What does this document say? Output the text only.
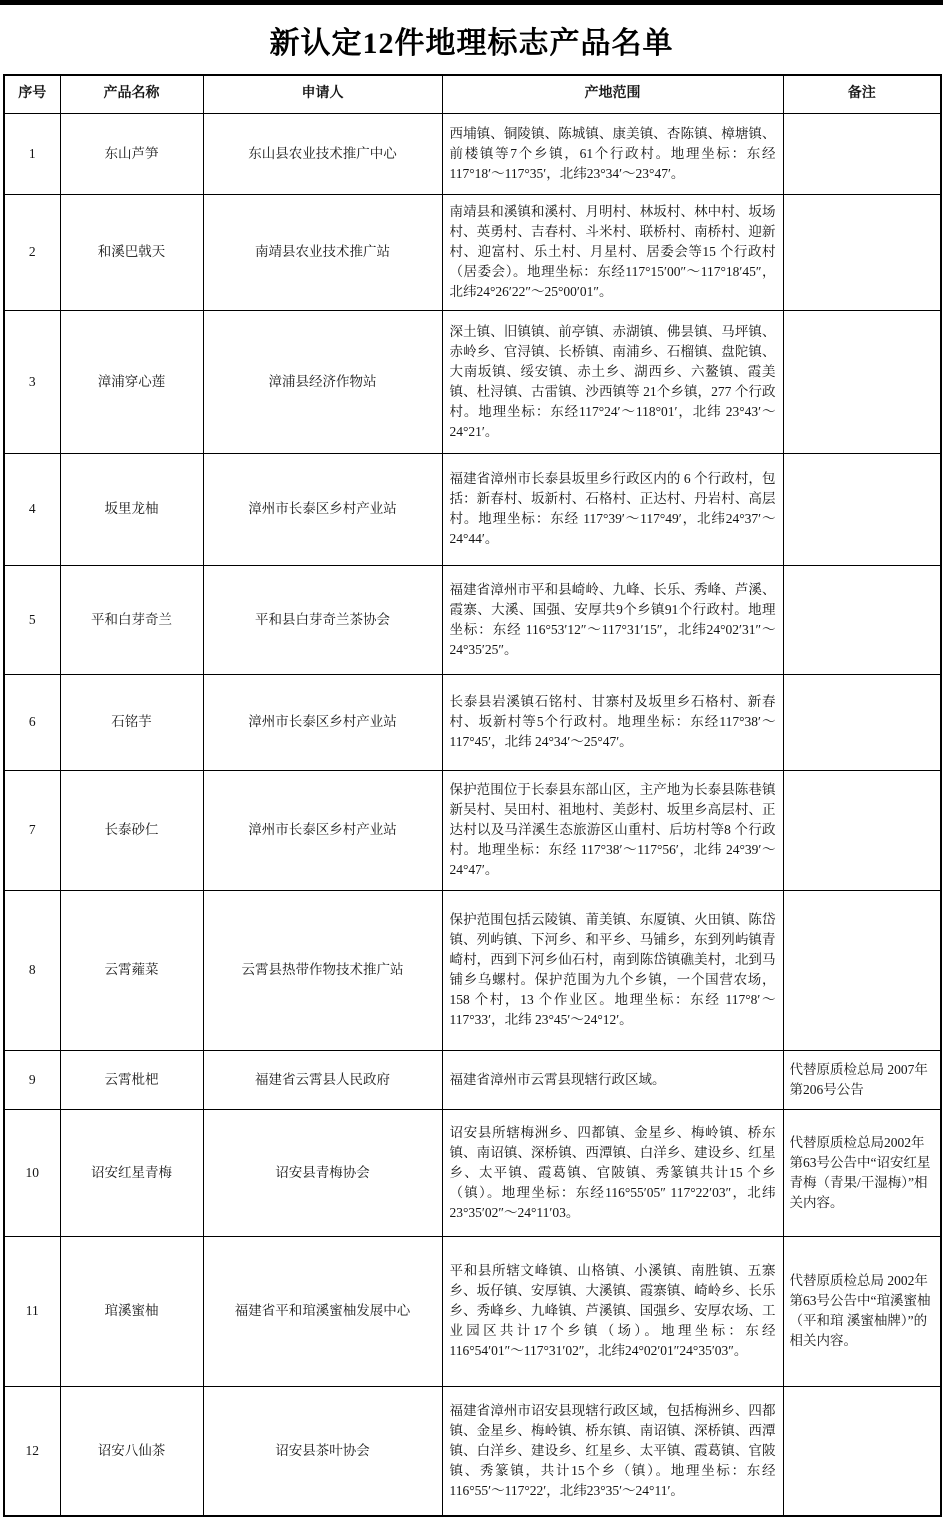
新认定12件地理标志产品名单
序号	产品名称	申请人	产地范围	备注
1	东山芦笋	东山县农业技术推广中心	西埔镇、铜陵镇、陈城镇、康美镇、杏陈镇、樟塘镇、前楼镇等7个乡镇，61个行政村。地理坐标：东经 117°18′～117°35′，北纬23°34′～23°47′。	
2	和溪巴戟天	南靖县农业技术推广站	南靖县和溪镇和溪村、月明村、林坂村、林中村、坂场村、英勇村、吉春村、斗米村、联桥村、南桥村、迎新村、迎富村、乐土村、月星村、居委会等15 个行政村（居委会）。地理坐标：东经117°15′00″～117°18′45″，北纬24°26′22″～25°00′01″。	
3	漳浦穿心莲	漳浦县经济作物站	深土镇、旧镇镇、前亭镇、赤湖镇、佛昙镇、马坪镇、赤岭乡、官浔镇、长桥镇、南浦乡、石榴镇、盘陀镇、大南坂镇、绥安镇、赤土乡、湖西乡、六鳌镇、霞美镇、杜浔镇、古雷镇、沙西镇等 21个乡镇，277 个行政村。地理坐标：东经117°24′～118°01′，北纬 23°43′～24°21′。	
4	坂里龙柚	漳州市长泰区乡村产业站	福建省漳州市长泰县坂里乡行政区内的 6 个行政村，包括：新春村、坂新村、石格村、正达村、丹岩村、高层村。地理坐标：东经 117°39′～117°49′，北纬24°37′～24°44′。	
5	平和白芽奇兰	平和县白芽奇兰茶协会	福建省漳州市平和县崎岭、九峰、长乐、秀峰、芦溪、霞寨、大溪、国强、安厚共9个乡镇91个行政村。地理坐标：东经 116°53′12″～117°31′15″，北纬24°02′31″～24°35′25″。	
6	石铭芋	漳州市长泰区乡村产业站	长泰县岩溪镇石铭村、甘寨村及坂里乡石格村、新春村、坂新村等5个行政村。地理坐标：东经117°38′～117°45′，北纬 24°34′～25°47′。	
7	长泰砂仁	漳州市长泰区乡村产业站	保护范围位于长泰县东部山区，主产地为长泰县陈巷镇新吴村、吴田村、祖地村、美彭村、坂里乡高层村、正达村以及马洋溪生态旅游区山重村、后坊村等8 个行政村。地理坐标：东经 117°38′～117°56′，北纬 24°39′～24°47′。	
8	云霄蕹菜	云霄县热带作物技术推广站	保护范围包括云陵镇、莆美镇、东厦镇、火田镇、陈岱镇、列屿镇、下河乡、和平乡、马铺乡，东到列屿镇青崎村，西到下河乡仙石村，南到陈岱镇礁美村，北到马铺乡乌螺村。保护范围为九个乡镇，一个国营农场，158 个村，13 个作业区。地理坐标：东经 117°8′～117°33′，北纬 23°45′～24°12′。	
9	云霄枇杷	福建省云霄县人民政府	福建省漳州市云霄县现辖行政区域。	代替原质检总局 2007年第206号公告
10	诏安红星青梅	诏安县青梅协会	诏安县所辖梅洲乡、四都镇、金星乡、梅岭镇、桥东镇、南诏镇、深桥镇、西潭镇、白洋乡、建设乡、红星乡、太平镇、霞葛镇、官陂镇、秀篆镇共计15 个乡（镇）。地理坐标：东经116°55′05″ 117°22′03″，北纬23°35′02″～24°11′03。	代替原质检总局2002年第63号公告中“诏安红星青梅（青果/干湿梅）”相关内容。
11	琯溪蜜柚	福建省平和琯溪蜜柚发展中心	平和县所辖文峰镇、山格镇、小溪镇、南胜镇、五寨乡、坂仔镇、安厚镇、大溪镇、霞寨镇、崎岭乡、长乐乡、秀峰乡、九峰镇、芦溪镇、国强乡、安厚农场、工业园区共计17个乡镇（场）。地理坐标：东经 116°54′01″～117°31′02″，北纬24°02′01″24°35′03″。	代替原质检总局 2002年第63号公告中“琯溪蜜柚（平和琯 溪蜜柚牌）”的相关内容。
12	诏安八仙茶	诏安县茶叶协会	福建省漳州市诏安县现辖行政区域，包括梅洲乡、四都镇、金星乡、梅岭镇、桥东镇、南诏镇、深桥镇、西潭镇、白洋乡、建设乡、红星乡、太平镇、霞葛镇、官陂镇、秀篆镇，共计15个乡（镇）。地理坐标：东经 116°55′～117°22′，北纬23°35′～24°11′。	
